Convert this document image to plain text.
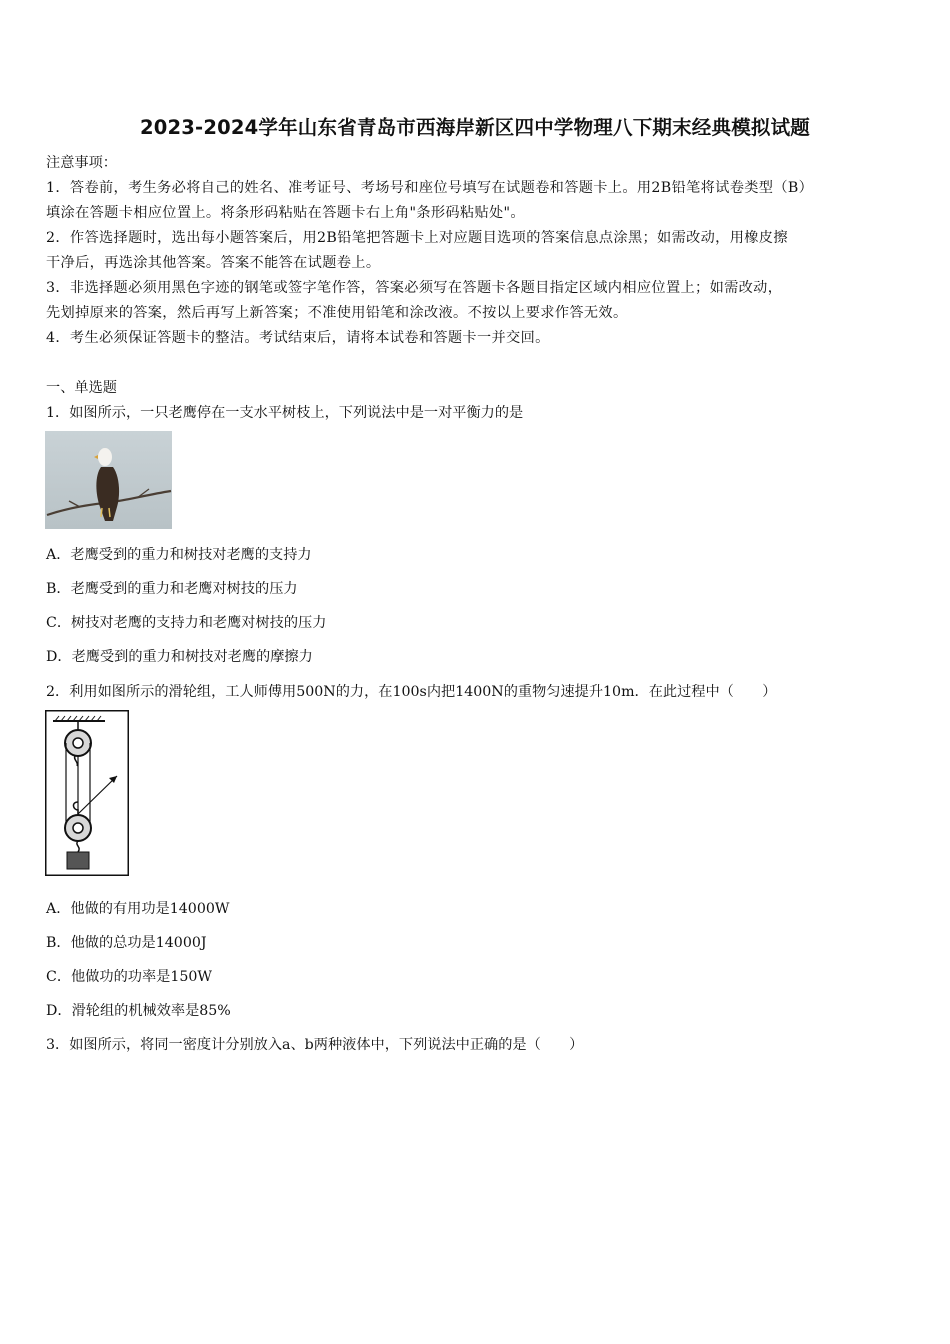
2023-2024学年山东省青岛市西海岸新区四中学物理八下期末经典模拟试题
注意事项：
1．答卷前，考生务必将自己的姓名、准考证号、考场号和座位号填写在试题卷和答题卡上。用2B铅笔将试卷类型（B）
填涂在答题卡相应位置上。将条形码粘贴在答题卡右上角"条形码粘贴处"。
2．作答选择题时，选出每小题答案后，用2B铅笔把答题卡上对应题目选项的答案信息点涂黑；如需改动，用橡皮擦
干净后，再选涂其他答案。答案不能答在试题卷上。
3．非选择题必须用黑色字迹的钢笔或签字笔作答，答案必须写在答题卡各题目指定区域内相应位置上；如需改动，
先划掉原来的答案，然后再写上新答案；不准使用铅笔和涂改液。不按以上要求作答无效。
4．考生必须保证答题卡的整洁。考试结束后，请将本试卷和答题卡一并交回。
一、单选题
1．如图所示，一只老鹰停在一支水平树枝上，下列说法中是一对平衡力的是
A．老鹰受到的重力和树技对老鹰的支持力
B．老鹰受到的重力和老鹰对树技的压力
C．树技对老鹰的支持力和老鹰对树技的压力
D．老鹰受到的重力和树技对老鹰的摩擦力
2．利用如图所示的滑轮组，工人师傅用500N的力，在100s内把1400N的重物匀速提升10m．在此过程中（　　）
A．他做的有用功是14000W
B．他做的总功是14000J
C．他做功的功率是150W
D．滑轮组的机械效率是85%
3．如图所示，将同一密度计分别放入a、b两种液体中，下列说法中正确的是（　　）
